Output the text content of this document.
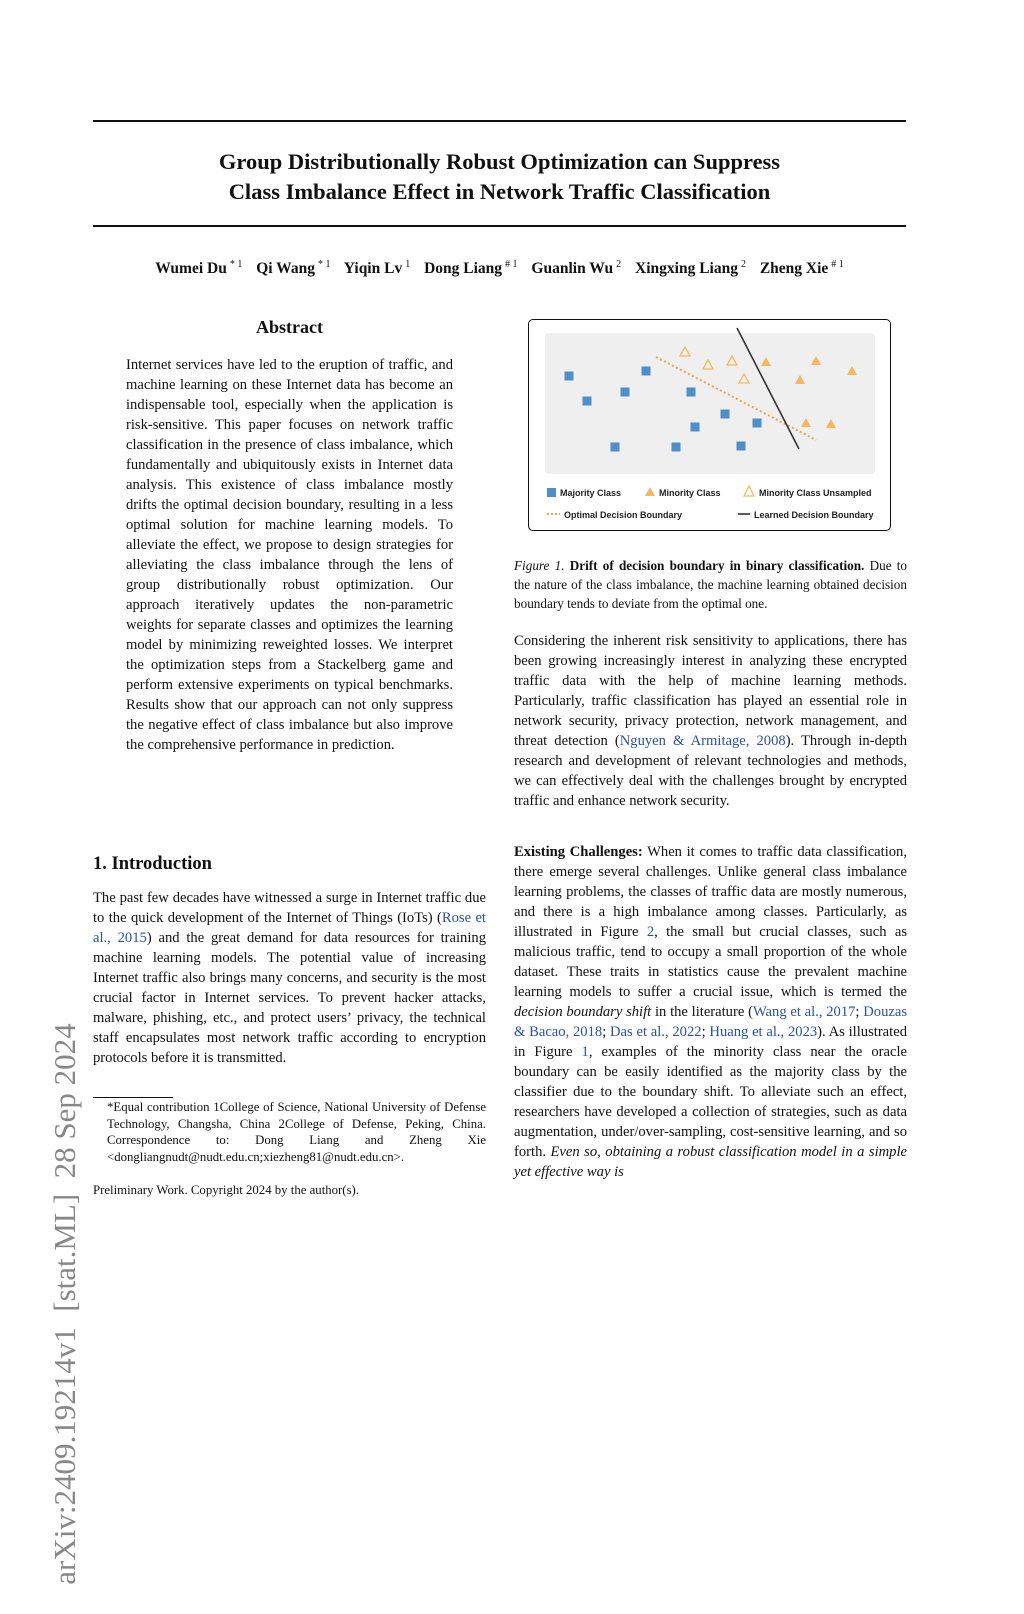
Group Distributionally Robust Optimization can Suppress
Class Imbalance Effect in Network Traffic Classification
Wumei Du $^{* 1}$ Qi Wang $^{* 1}$ Yiqin Lv $^1$ Dong Liang $^{\# 1}$ Guanlin Wu $^2$ Xingxing Liang $^2$ Zheng Xie $^{\# 1}$
arXiv:2409.19214v1  [stat.ML]  28 Sep 2024
Abstract
Internet services have led to the eruption of traffic, and machine learning on these Internet data has become an indispensable tool, especially when the application is risk-sensitive. This paper focuses on network traffic classification in the presence of class imbalance, which fundamentally and ubiquitously exists in Internet data analysis. This existence of class imbalance mostly drifts the optimal decision boundary, resulting in a less optimal solution for machine learning models. To alleviate the effect, we propose to design strategies for alleviating the class imbalance through the lens of group distributionally robust optimization. Our approach iteratively updates the non-parametric weights for separate classes and optimizes the learning model by minimizing reweighted losses. We interpret the optimization steps from a Stackelberg game and perform extensive experiments on typical benchmarks. Results show that our approach can not only suppress the negative effect of class imbalance but also improve the comprehensive performance in prediction.
1. Introduction
The past few decades have witnessed a surge in Internet traffic due to the quick development of the Internet of Things (IoTs) (Rose et al., 2015) and the great demand for data resources for training machine learning models. The potential value of increasing Internet traffic also brings many concerns, and security is the most crucial factor in Internet services. To prevent hacker attacks, malware, phishing, etc., and protect users’ privacy, the technical staff encapsulates most network traffic according to encryption protocols before it is transmitted.
*Equal contribution 1College of Science, National University of Defense Technology, Changsha, China 2College of Defense, Peking, China. Correspondence to: Dong Liang and Zheng Xie <dongliangnudt@nudt.edu.cn;xiezheng81@nudt.edu.cn>.
Preliminary Work. Copyright 2024 by the author(s).
Majority Class	Minority Class	Minority Class Unsampled
Optimal Decision Boundary	Learned Decision Boundary
Figure 1. Drift of decision boundary in binary classification. Due to the nature of the class imbalance, the machine learning obtained decision boundary tends to deviate from the optimal one.
Considering the inherent risk sensitivity to applications, there has been growing increasingly interest in analyzing these encrypted traffic data with the help of machine learning methods. Particularly, traffic classification has played an essential role in network security, privacy protection, network management, and threat detection (Nguyen & Armitage, 2008). Through in-depth research and development of relevant technologies and methods, we can effectively deal with the challenges brought by encrypted traffic and enhance network security.
Existing Challenges: When it comes to traffic data classification, there emerge several challenges. Unlike general class imbalance learning problems, the classes of traffic data are mostly numerous, and there is a high imbalance among classes. Particularly, as illustrated in Figure 2, the small but crucial classes, such as malicious traffic, tend to occupy a small proportion of the whole dataset. These traits in statistics cause the prevalent machine learning models to suffer a crucial issue, which is termed the decision boundary shift in the literature (Wang et al., 2017; Douzas & Bacao, 2018; Das et al., 2022; Huang et al., 2023). As illustrated in Figure 1, examples of the minority class near the oracle boundary can be easily identified as the majority class by the classifier due to the boundary shift. To alleviate such an effect, researchers have developed a collection of strategies, such as data augmentation, under/over-sampling, cost-sensitive learning, and so forth. Even so, obtaining a robust classification model in a simple yet effective way is
